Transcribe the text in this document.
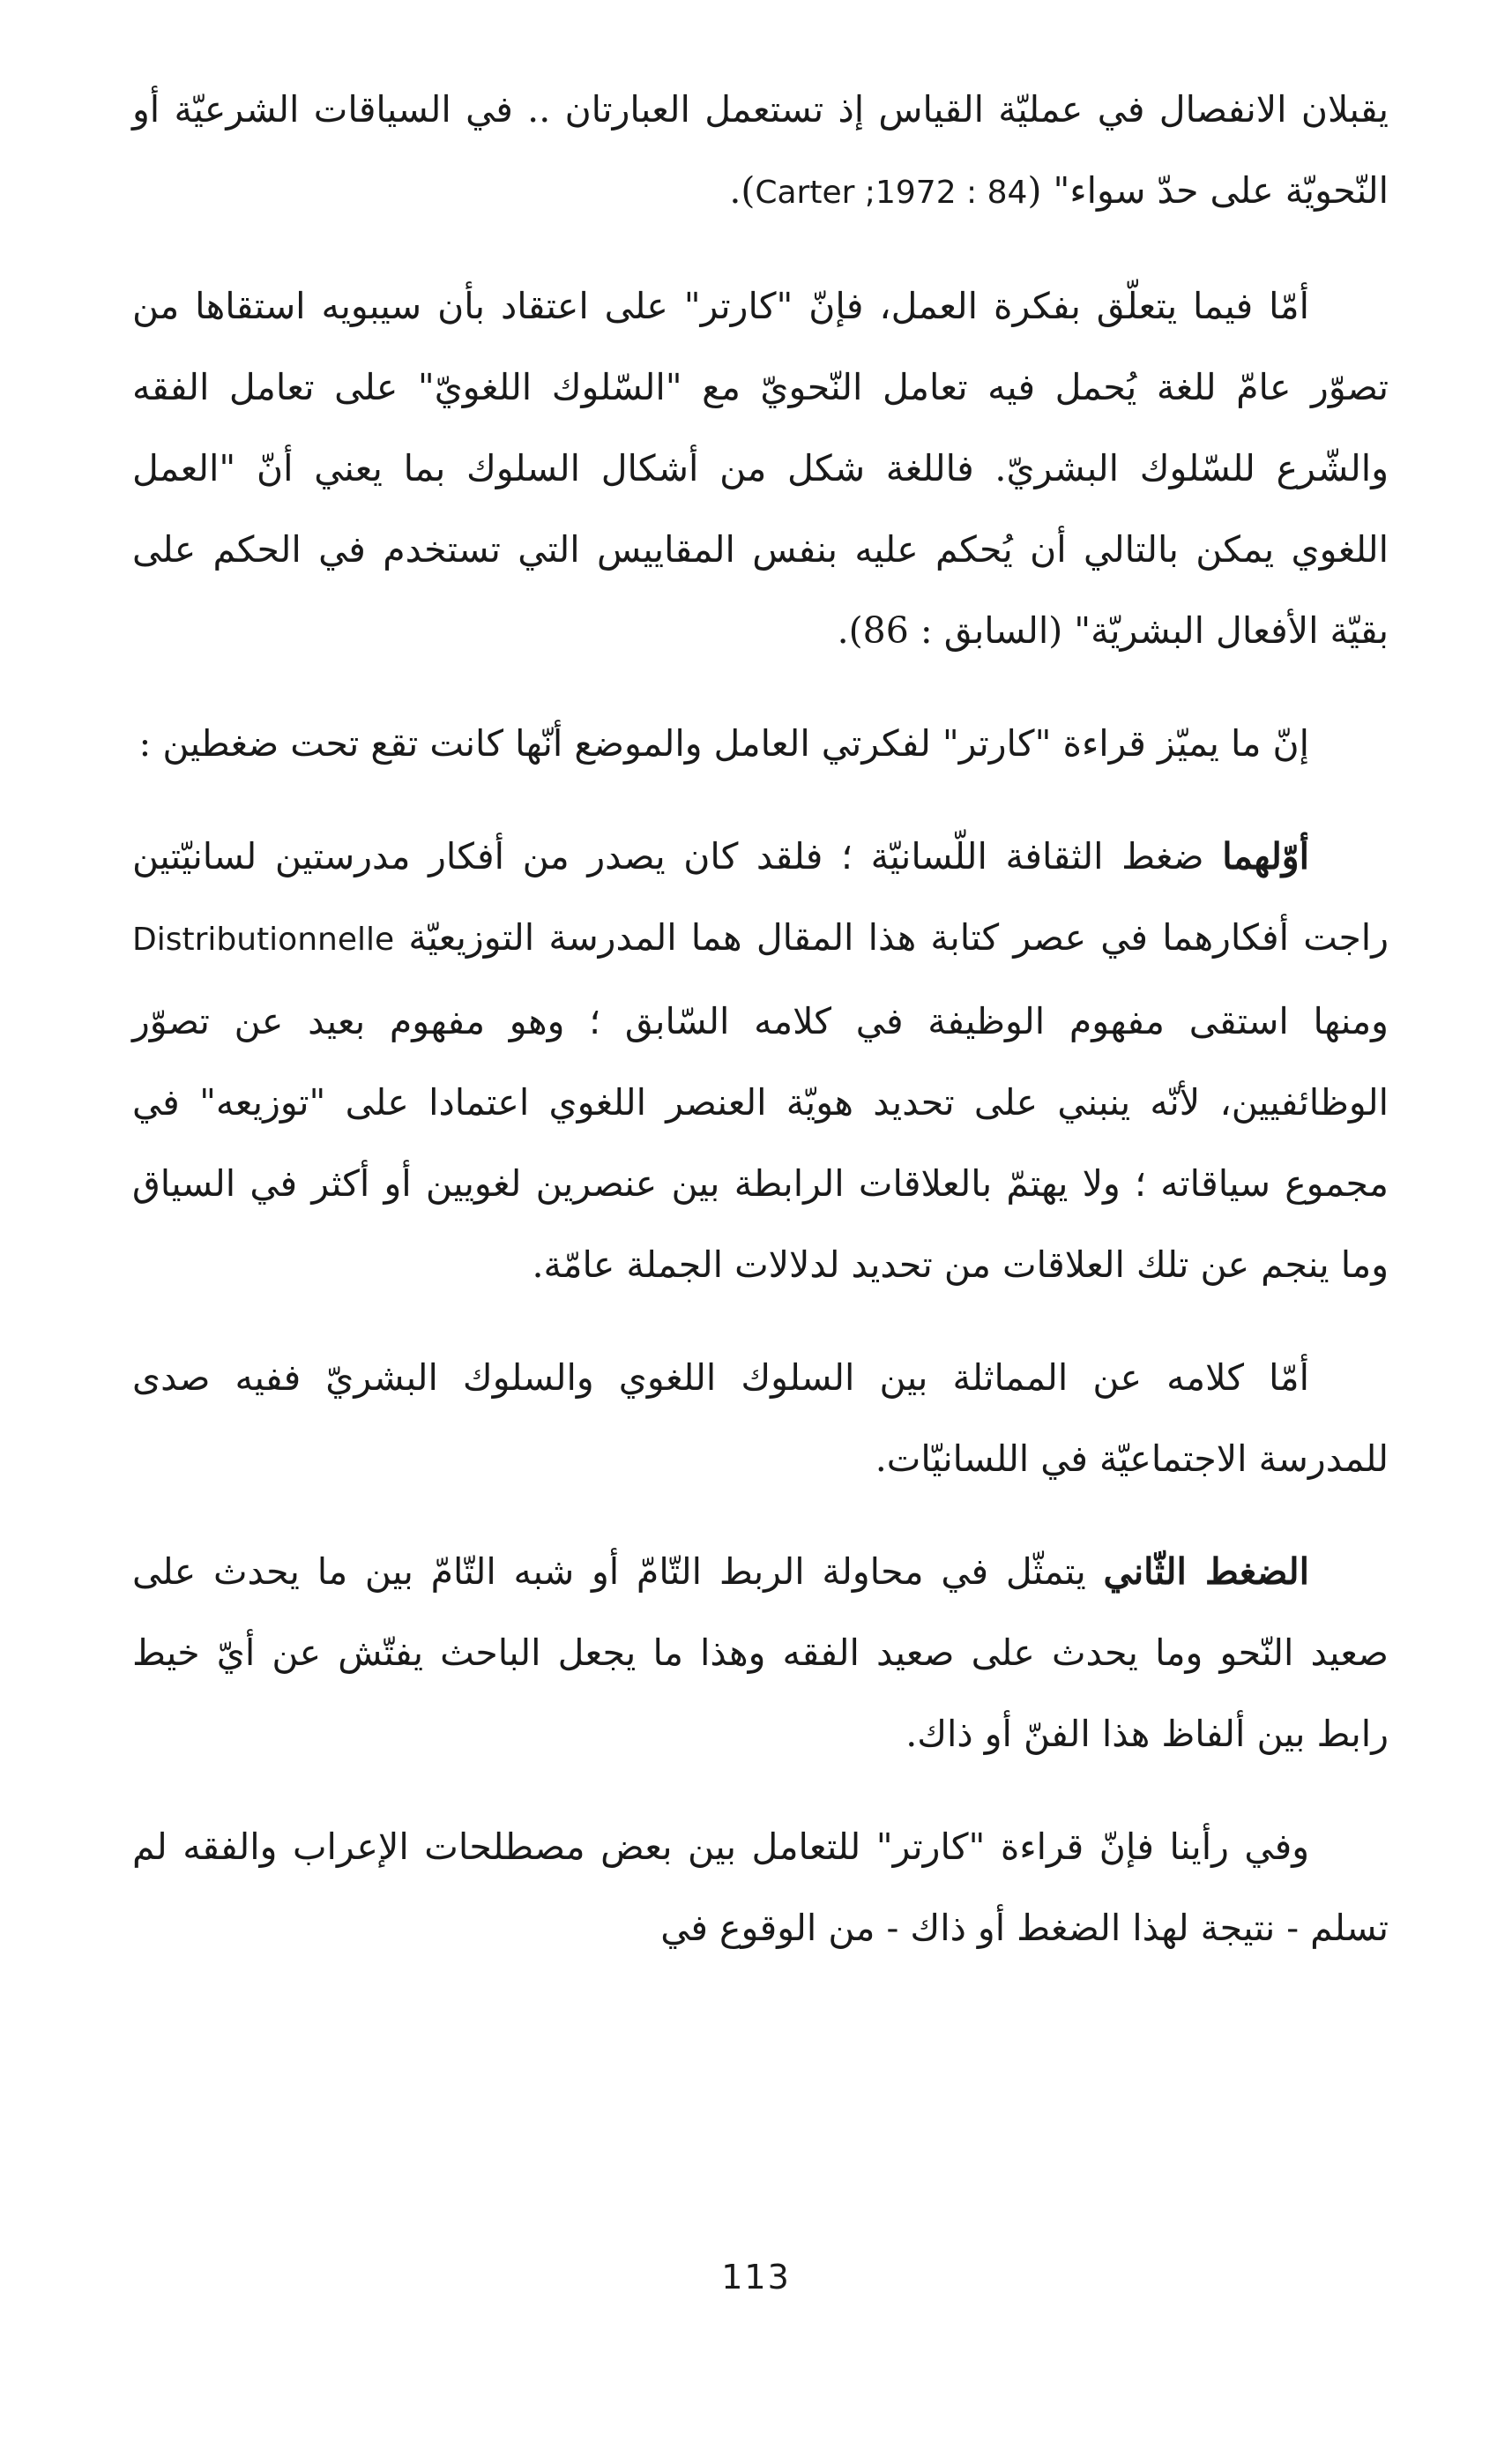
يقبلان الانفصال في عمليّة القياس إذ تستعمل العبارتان .. في السياقات الشرعيّة أو النّحويّة على حدّ سواء" (Carter ;1972 : 84).

أمّا فيما يتعلّق بفكرة العمل، فإنّ "كارتر" على اعتقاد بأن سيبويه استقاها من تصوّر عامّ للغة يُحمل فيه تعامل النّحويّ مع "السّلوك اللغويّ" على تعامل الفقه والشّرع للسّلوك البشريّ. فاللغة شكل من أشكال السلوك بما يعني أنّ "العمل اللغوي يمكن بالتالي أن يُحكم عليه بنفس المقاييس التي تستخدم في الحكم على بقيّة الأفعال البشريّة" (السابق : 86).

إنّ ما يميّز قراءة "كارتر" لفكرتي العامل والموضع أنّها كانت تقع تحت ضغطين :

أوّلهما ضغط الثقافة اللّسانيّة ؛ فلقد كان يصدر من أفكار مدرستين لسانيّتين راجت أفكارهما في عصر كتابة هذا المقال هما المدرسة التوزيعيّة Distributionnelle ومنها استقى مفهوم الوظيفة في كلامه السّابق ؛ وهو مفهوم بعيد عن تصوّر الوظائفيين، لأنّه ينبني على تحديد هويّة العنصر اللغوي اعتمادا على "توزيعه" في مجموع سياقاته ؛ ولا يهتمّ بالعلاقات الرابطة بين عنصرين لغويين أو أكثر في السياق وما ينجم عن تلك العلاقات من تحديد لدلالات الجملة عامّة.

أمّا كلامه عن المماثلة بين السلوك اللغوي والسلوك البشريّ ففيه صدى للمدرسة الاجتماعيّة في اللسانيّات.

الضغط الثّاني يتمثّل في محاولة الربط التّامّ أو شبه التّامّ بين ما يحدث على صعيد النّحو وما يحدث على صعيد الفقه وهذا ما يجعل الباحث يفتّش عن أيّ خيط رابط بين ألفاظ هذا الفنّ أو ذاك.

وفي رأينا فإنّ قراءة "كارتر" للتعامل بين بعض مصطلحات الإعراب والفقه لم تسلم - نتيجة لهذا الضغط أو ذاك - من الوقوع في

113
